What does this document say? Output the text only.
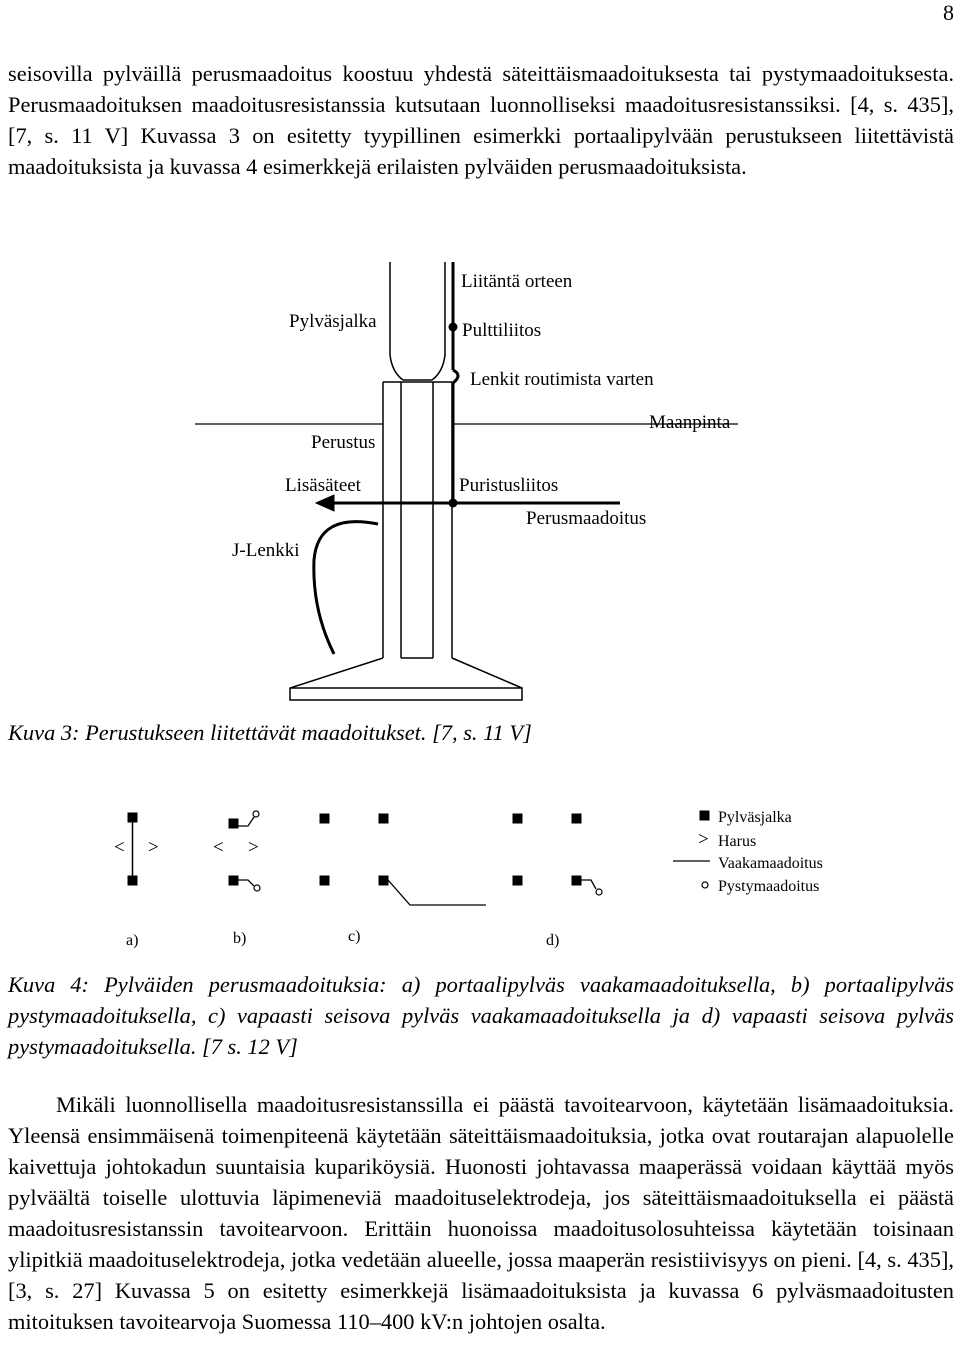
8

seisovilla pylväillä perusmaadoitus koostuu yhdestä säteittäismaadoituksesta tai pystymaadoituksesta. Perusmaadoituksen maadoitusresistanssia kutsutaan luonnolliseksi maadoitusresistanssiksi. [4, s. 435], [7, s. 11 V] Kuvassa 3 on esitetty tyypillinen esimerkki portaalipylvään perustukseen liitettävistä maadoituksista ja kuvassa 4 esimerkkejä erilaisten pylväiden perusmaadoituksista.

Liitäntä orteen
Pylväsjalka	Pulttiliitos
Lenkit routimista varten
Maanpinta
Perustus
Lisäsäteet	Puristusliitos
Perusmaadoitus
J-Lenkki

Kuva 3: Perustukseen liitettävät maadoitukset. [7, s. 11 V]

< >	< >
a)	b)	c)	d)
>
Pylväsjalka
Harus
Vaakamaadoitus
Pystymaadoitus

Kuva 4: Pylväiden perusmaadoituksia: a) portaalipylväs vaakamaadoituksella, b) portaalipylväs pystymaadoituksella, c) vapaasti seisova pylväs vaakamaadoituksella ja d) vapaasti seisova pylväs pystymaadoituksella. [7 s. 12 V]

Mikäli luonnollisella maadoitusresistanssilla ei päästä tavoitearvoon, käytetään lisämaadoituksia. Yleensä ensimmäisenä toimenpiteenä käytetään säteittäismaadoituksia, jotka ovat routarajan alapuolelle kaivettuja johtokadun suuntaisia kupariköysiä. Huonosti johtavassa maaperässä voidaan käyttää myös pylväältä toiselle ulottuvia läpimeneviä maadoituselektrodeja, jos säteittäismaadoituksella ei päästä maadoitusresistanssin tavoitearvoon. Erittäin huonoissa maadoitusolosuhteissa käytetään toisinaan ylipitkiä maadoituselektrodeja, jotka vedetään alueelle, jossa maaperän resistiivisyys on pieni. [4, s. 435], [3, s. 27] Kuvassa 5 on esitetty esimerkkejä lisämaadoituksista ja kuvassa 6 pylväsmaadoitusten mitoituksen tavoitearvoja Suomessa 110–400 kV:n johtojen osalta.
